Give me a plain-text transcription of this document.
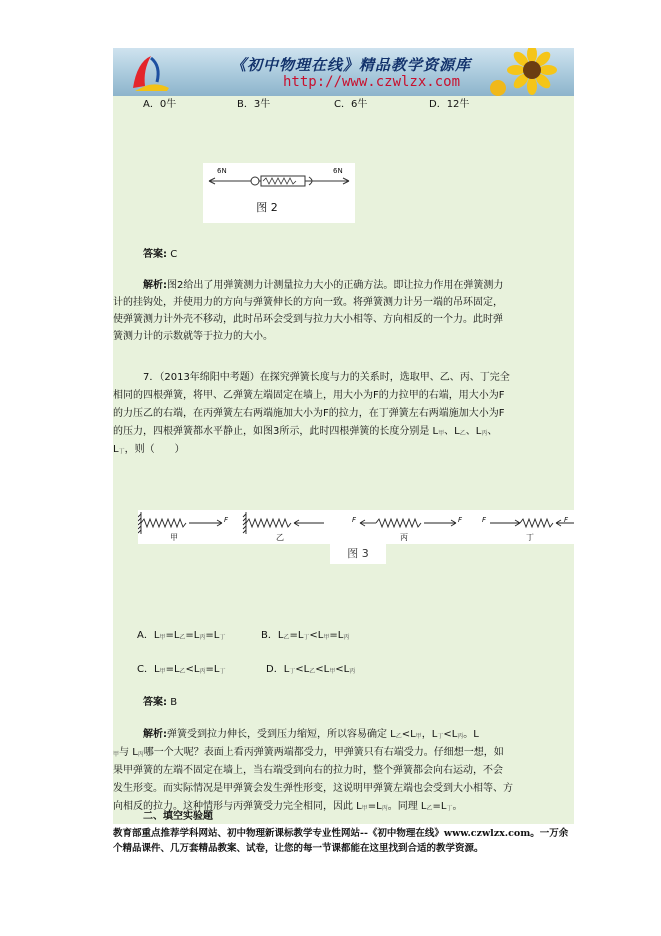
《初中物理在线》精品教学资源库
http://www.czwlzx.com
A．0牛	B．3牛	C．6牛	D．12牛
6N	6N
图 2
答案: C
解析:图2给出了用弹簧测力计测量拉力大小的正确方法。即让拉力作用在弹簧测力
计的挂钩处，并使用力的方向与弹簧伸长的方向一致。将弹簧测力计另一端的吊环固定，
使弹簧测力计外壳不移动，此时吊环会受到与拉力大小相等、方向相反的一个力。此时弹
簧测力计的示数就等于拉力的大小。
7．（2013年绵阳中考题）在探究弹簧长度与力的关系时，选取甲、乙、丙、丁完全
相同的四根弹簧，将甲、乙弹簧左端固定在墙上，用大小为F的力拉甲的右端，用大小为F
的力压乙的右端，在丙弹簧左右两端施加大小为F的拉力，在丁弹簧左右两端施加大小为F
的压力，四根弹簧都水平静止，如图3所示，此时四根弹簧的长度分别是 $L_甲$、$L_乙$、$L_丙$、
$L_丁$，则（　　）
F	F	F	F	F
甲	乙	丙	丁
图 3
A．$L_甲=L_乙=L_丙=L_丁$	B．$L_乙=L_丁<L_甲=L_丙$
C．$L_甲=L_乙<L_丙=L_丁$	D．$L_丁<L_乙<L_甲<L_丙$
答案: B
解析:弹簧受到拉力伸长，受到压力缩短，所以容易确定 $L_乙<L_甲$，$L_丁<L_丙$。L
$_甲$与 $L_丙$哪一个大呢？表面上看丙弹簧两端都受力，甲弹簧只有右端受力。仔细想一想，如
果甲弹簧的左端不固定在墙上，当右端受到向右的拉力时，整个弹簧都会向右运动，不会
发生形变。而实际情况是甲弹簧会发生弹性形变，这说明甲弹簧左端也会受到大小相等、方
向相反的拉力。这种情形与丙弹簧受力完全相同，因此 $L_甲=L_丙$。同理 $L_乙=L_丁$。
二、填空实验题
教育部重点推荐学科网站、初中物理新课标教学专业性网站--《初中物理在线》www.czwlzx.com。一万余
个精品课件、几万套精品教案、试卷，让您的每一节课都能在这里找到合适的教学资源。
